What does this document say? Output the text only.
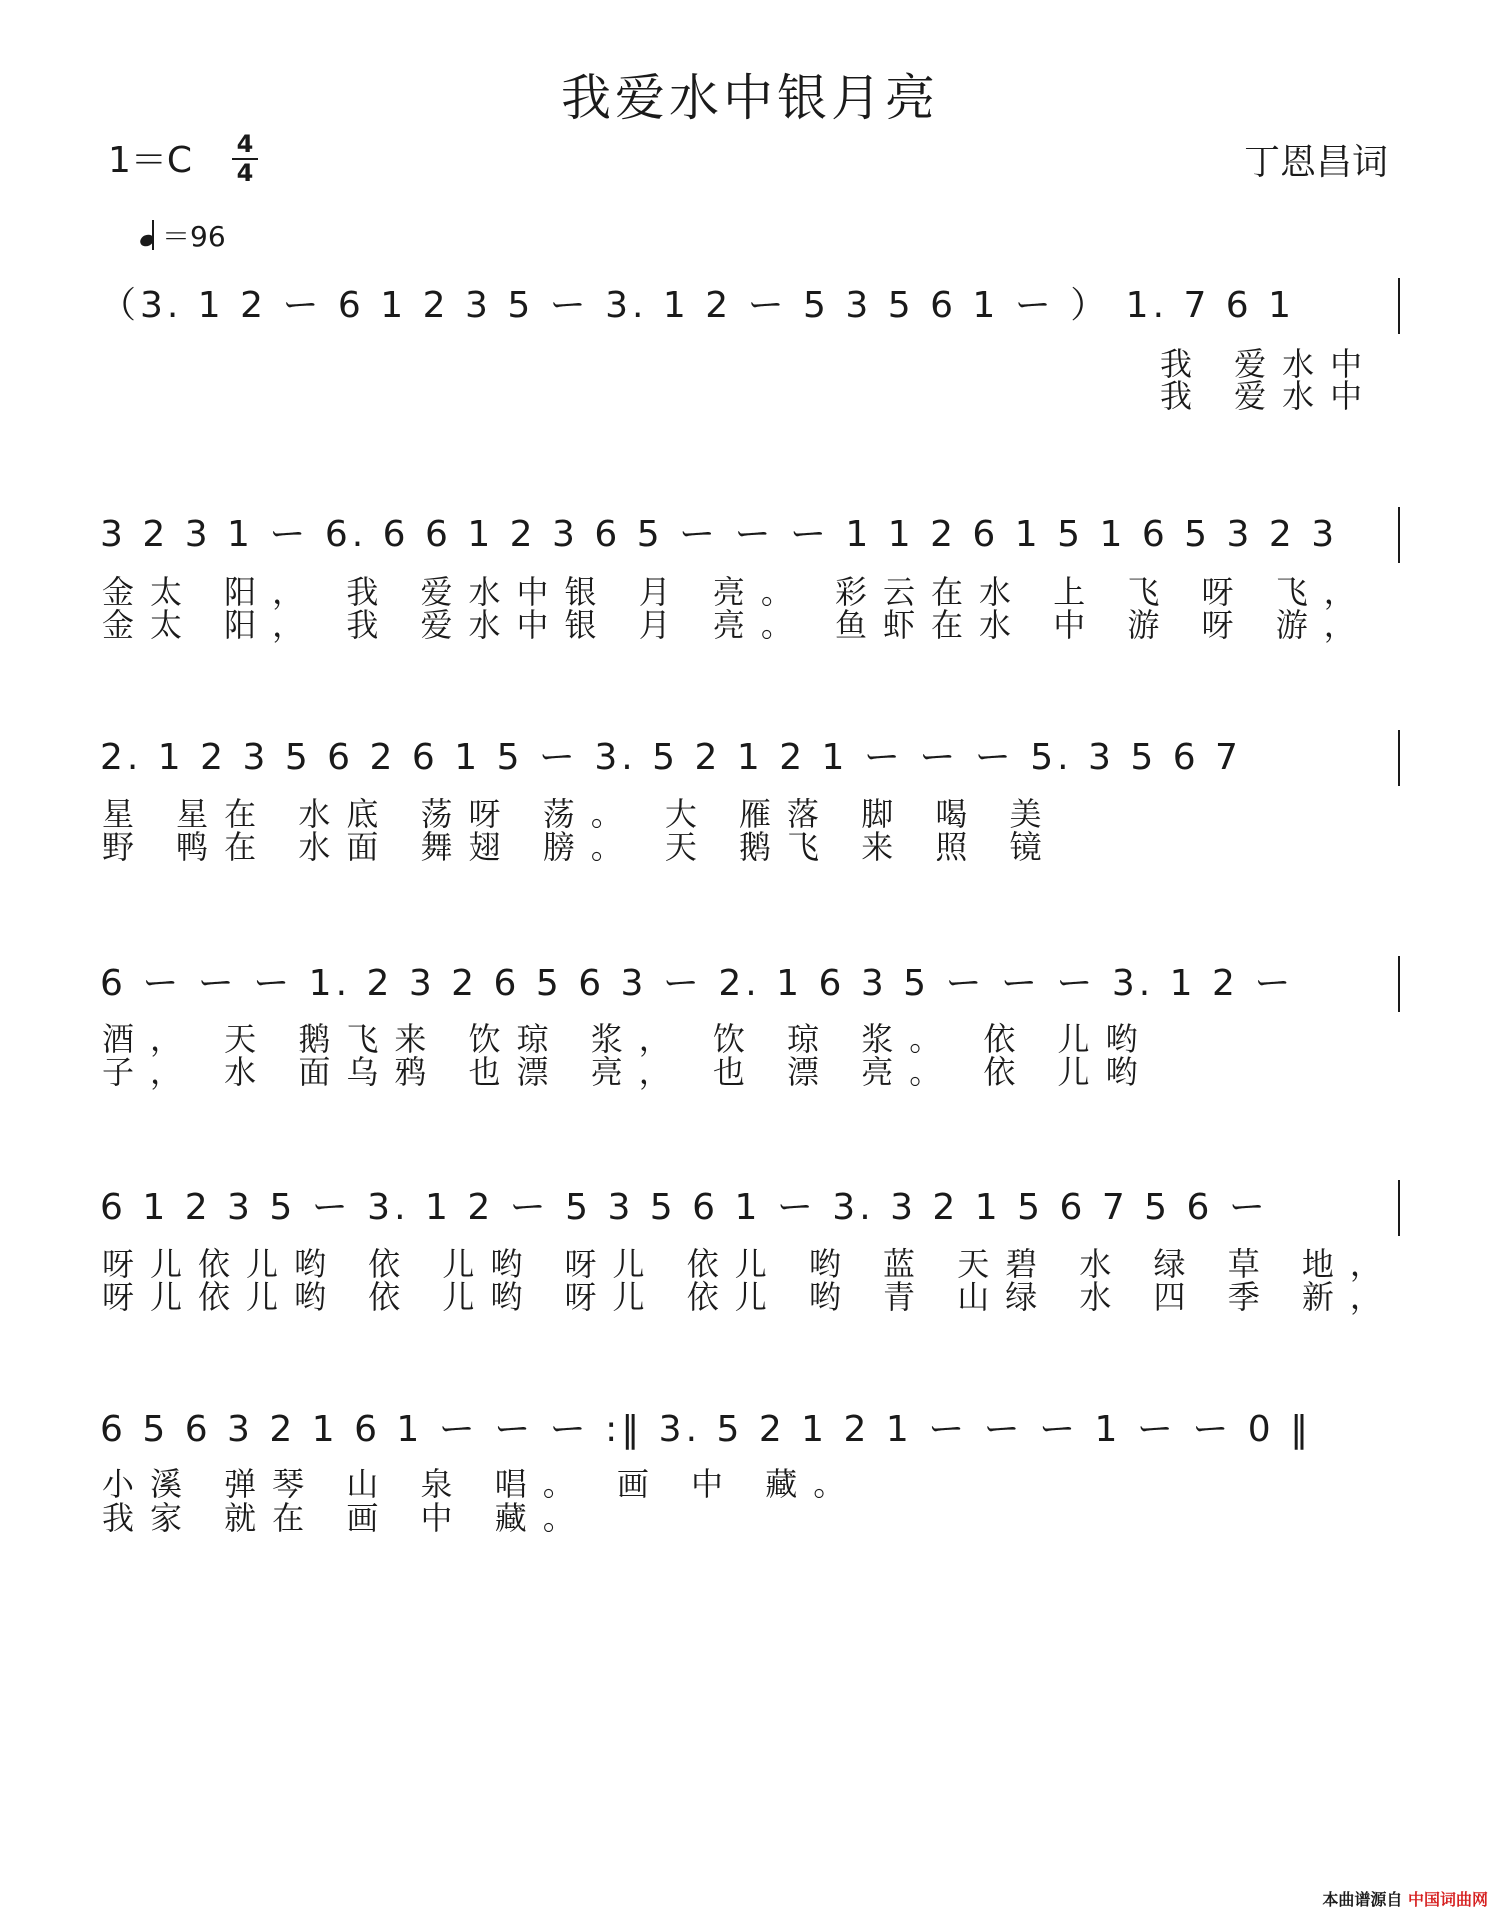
我爱水中银月亮
1＝C 4
4	丁恩昌词
＝96
（3. 1 2 ー 6 1 2 3 5 ー 3. 1 2 ー 5 3 5 6 1 ー ） 1. 7 6 1
我 爱水中
我 爱水中
3 2 3 1 ー 6. 6 6 1 2 3 6 5 ー ー ー 1 1 2 6 1 5 1 6 5 3 2 3
金太 阳， 我 爱水中银 月 亮。 彩云在水 上 飞 呀 飞，
金太 阳， 我 爱水中银 月 亮。 鱼虾在水 中 游 呀 游，
2. 1 2 3 5 6 2 6 1 5 ー 3. 5 2 1 2 1 ー ー ー 5. 3 5 6 7
星 星在 水底 荡呀 荡。 大 雁落 脚 喝 美
野 鸭在 水面 舞翅 膀。 天 鹅飞 来 照 镜
6 ー ー ー 1. 2 3 2 6 5 6 3 ー 2. 1 6 3 5 ー ー ー 3. 1 2 ー
酒， 天 鹅飞来 饮琼 浆， 饮 琼 浆。 依 儿哟
子， 水 面乌鸦 也漂 亮， 也 漂 亮。 依 儿哟
6 1 2 3 5 ー 3. 1 2 ー 5 3 5 6 1 ー 3. 3 2 1 5 6 7 5 6 ー
呀儿依儿哟 依 儿哟 呀儿 依儿 哟 蓝 天碧 水 绿 草 地，
呀儿依儿哟 依 儿哟 呀儿 依儿 哟 青 山绿 水 四 季 新，
6 5 6 3 2 1 6 1 ー ー ー :‖ 3. 5 2 1 2 1 ー ー ー 1 ー ー 0 ‖
小溪 弹琴 山 泉 唱。 画 中 藏。
我家 就在 画 中 藏。
本曲谱源自 中国词曲网
